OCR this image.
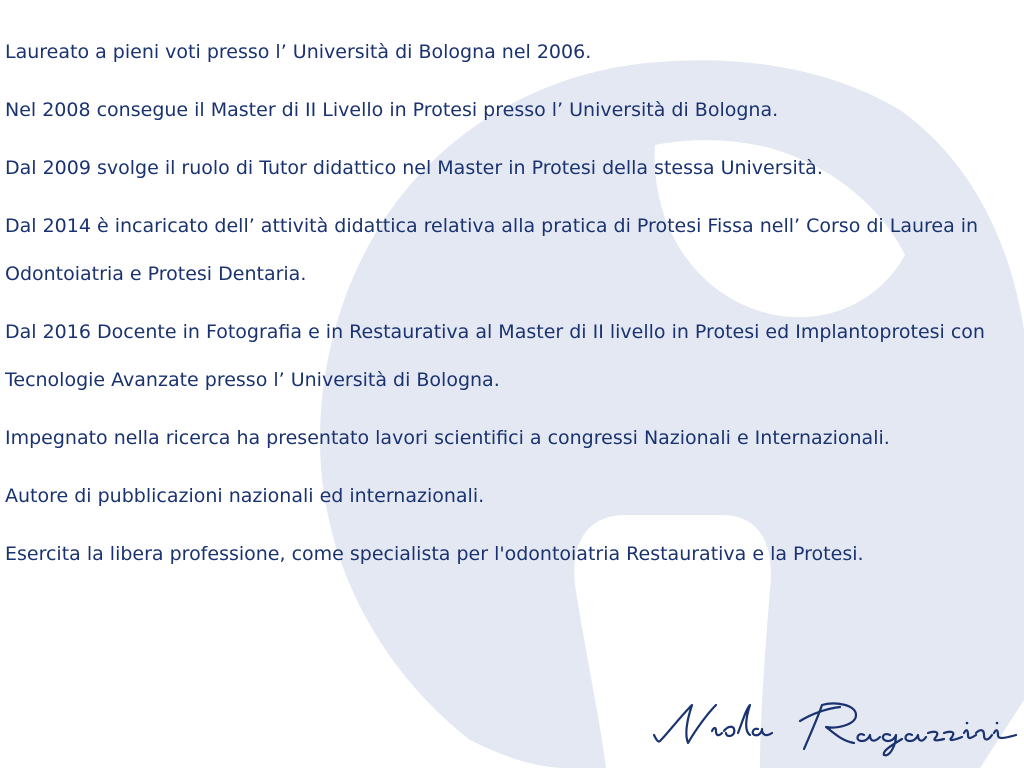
Laureato a pieni voti presso l’ Università di Bologna nel 2006.

Nel 2008 consegue il Master di II Livello in Protesi presso l’ Università di Bologna.

Dal 2009 svolge il ruolo di Tutor didattico nel Master in Protesi della stessa Università.

Dal 2014 è incaricato dell’ attività didattica relativa alla pratica di Protesi Fissa nell’ Corso di Laurea in Odontoiatria e Protesi Dentaria.

Dal 2016 Docente in Fotografia e in Restaurativa al Master di II livello in Protesi ed Implantoprotesi con Tecnologie Avanzate presso l’ Università di Bologna.

Impegnato nella ricerca ha presentato lavori scientifici a congressi Nazionali e Internazionali.

Autore di pubblicazioni nazionali ed internazionali.

Esercita la libera professione, come specialista per l'odontoiatria Restaurativa e la Protesi.
